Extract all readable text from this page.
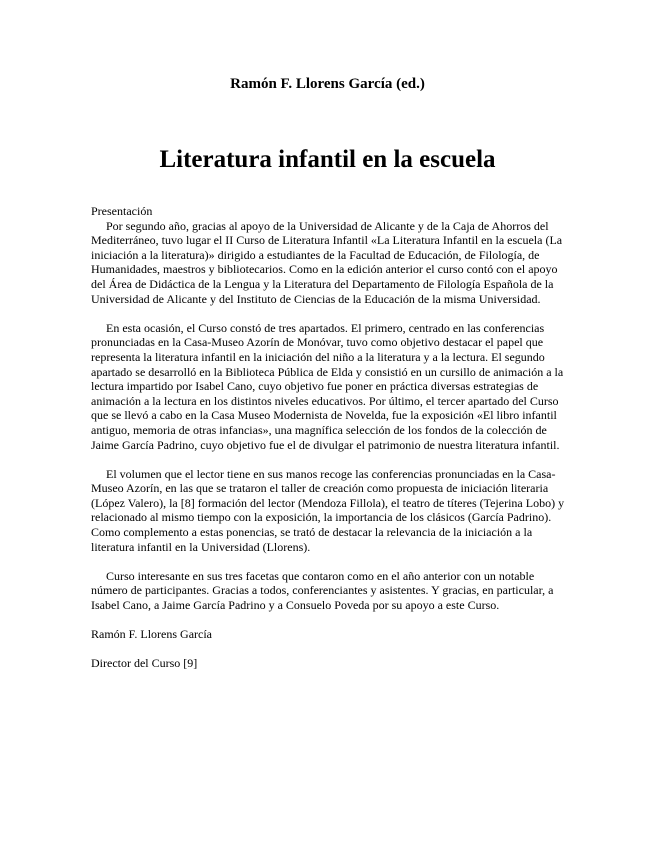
Ramón F. Llorens García (ed.)
Literatura infantil en la escuela

Presentación

Por segundo año, gracias al apoyo de la Universidad de Alicante y de la Caja de Ahorros del Mediterráneo, tuvo lugar el II Curso de Literatura Infantil «La Literatura Infantil en la escuela (La iniciación a la literatura)» dirigido a estudiantes de la Facultad de Educación, de Filología, de Humanidades, maestros y bibliotecarios. Como en la edición anterior el curso contó con el apoyo del Área de Didáctica de la Lengua y la Literatura del Departamento de Filología Española de la Universidad de Alicante y del Instituto de Ciencias de la Educación de la misma Universidad.

En esta ocasión, el Curso constó de tres apartados. El primero, centrado en las conferencias pronunciadas en la Casa-Museo Azorín de Monóvar, tuvo como objetivo destacar el papel que representa la literatura infantil en la iniciación del niño a la literatura y a la lectura. El segundo apartado se desarrolló en la Biblioteca Pública de Elda y consistió en un cursillo de animación a la lectura impartido por Isabel Cano, cuyo objetivo fue poner en práctica diversas estrategias de animación a la lectura en los distintos niveles educativos. Por último, el tercer apartado del Curso que se llevó a cabo en la Casa Museo Modernista de Novelda, fue la exposición «El libro infantil antiguo, memoria de otras infancias», una magnífica selección de los fondos de la colección de Jaime García Padrino, cuyo objetivo fue el de divulgar el patrimonio de nuestra literatura infantil.

El volumen que el lector tiene en sus manos recoge las conferencias pronunciadas en la Casa-Museo Azorín, en las que se trataron el taller de creación como propuesta de iniciación literaria (López Valero), la [8] formación del lector (Mendoza Fillola), el teatro de títeres (Tejerina Lobo) y relacionado al mismo tiempo con la exposición, la importancia de los clásicos (García Padrino). Como complemento a estas ponencias, se trató de destacar la relevancia de la iniciación a la literatura infantil en la Universidad (Llorens).

Curso interesante en sus tres facetas que contaron como en el año anterior con un notable número de participantes. Gracias a todos, conferenciantes y asistentes. Y gracias, en particular, a Isabel Cano, a Jaime García Padrino y a Consuelo Poveda por su apoyo a este Curso.

Ramón F. Llorens García

Director del Curso [9]
